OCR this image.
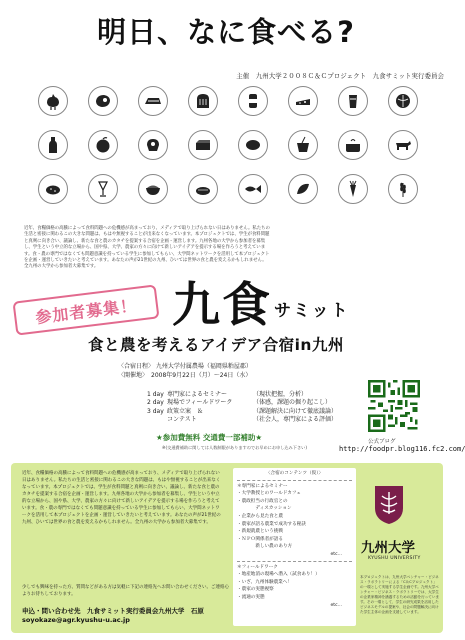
明日、なに食べる?
主催　九州大学２００８Ｃ＆Ｃプロジェクト　九食サミット実行委員会
近年、食糧価格の高騰によって食料問題への危機感が高まっており、メディアで取り上げられない日はありません。私たちの生活と密接に関わるこの大きな問題は、もはや無視することが出来なくなっています。本プロジェクトでは、学生が食料問題と真剣に向き合い、議論し、新たな食と農のカタチを提案する合宿を企画・運営します。九州各地の大学から参加者を募集し、学生という中立的な立場から、国や県、大学、農家の方々に向けて新しいアイデアを提示する場を作ろうと考えています。食・農の専門ではなくても問題意識を持っている学生に参加してもらい、大学間ネットワークを活用して本プロジェクトを企画・運営していきたいと考えています。あなたの声が21世紀の九州、ひいては世界の食と農を変えるかもしれません。全九州の大学から参加者大募集です。
参加者募集！ 九食 サミット
食と農を考えるアイデア合宿in九州
〈合宿日程〉 九州大学付属農場（福岡県粕屋郡）
〈開催地〉　2008年9月22日（月）〜24日（水）
1 day 専門家によるセミナー	（現状把握，分析）
2 day 現場でフィールドワーク	（体感，課題の掘り起こし）
3 day 政策立案　＆	（課題解決に向けて徹底議論）
コンテスト	（社会人，専門家による評価）
★参加費無料 交通費一部補助★
※(交通費補助に関しては人数制限がありますのでお早めにお申し込み下さい)
公式ブログ
http://foodpr.blog116.fc2.com/
近年、食糧価格の高騰によって食料問題への危機感が高まっており、メディアで取り上げられない日はありません。私たちの生活と密接に関わるこの大きな問題は、もはや無視することが出来なくなっています。本プロジェクトでは、学生が食料問題と真剣に向き合い、議論し、新たな食と農のカタチを提案する合宿を企画・運営します。九州各地の大学から参加者を募集し、学生という中立的な立場から、国や県、大学、農家の方々に向けて新しいアイデアを提示する場を作ろうと考えています。食・農の専門ではなくても問題意識を持っている学生に参加してもらい、大学間ネットワークを活用して本プロジェクトを企画・運営していきたいと考えています。あなたの声が21世紀の九州、ひいては世界の食と農を変えるかもしれません。全九州の大学から参加者大募集です。
少しでも興味を持った方、質問などがある方は気軽に下記の連絡先へお問い合わせください。ご連絡心よりお待ちしております。
申込・問い合わせ先　九食サミット実行委員会九州大学　石原
soyokaze@agr.kyushu-u.ac.jp
〈合宿のコンテンツ（仮）〉
＊専門家によるセミナー
・大学教授とのワールドカフェ
・農政担当の行政官との
　　　　ディスカッション
・企業から見た食と農
・農家が語る農業で成功する秘訣
・新規就農という挑戦
・ＮＰＯ関係者が語る
　　　　新しい農のあり方
etc...
＊フィールドワーク
・地産地消の現場へ潜入（試食あり！）
・いざ、九州体験農業へ！
・農家の実態視察
・流通の実態
etc...
九州大学
KYUSHU UNIVERSITY
本プロジェクトは、九州大学ベンチャー・ビジネス・ラボラトリーによる「C＆Cプロジェクト」の一環として実施する学生企画です。九州大学ベンチャー・ビジネス・ラボラトリーでは、大学生の企業家精神を涵養するための活動を行っています。その一環として、学生の研究成果を活用したビジネスモデルの提案や、社会の問題解決に向けた学生主体の企画を支援しています。
